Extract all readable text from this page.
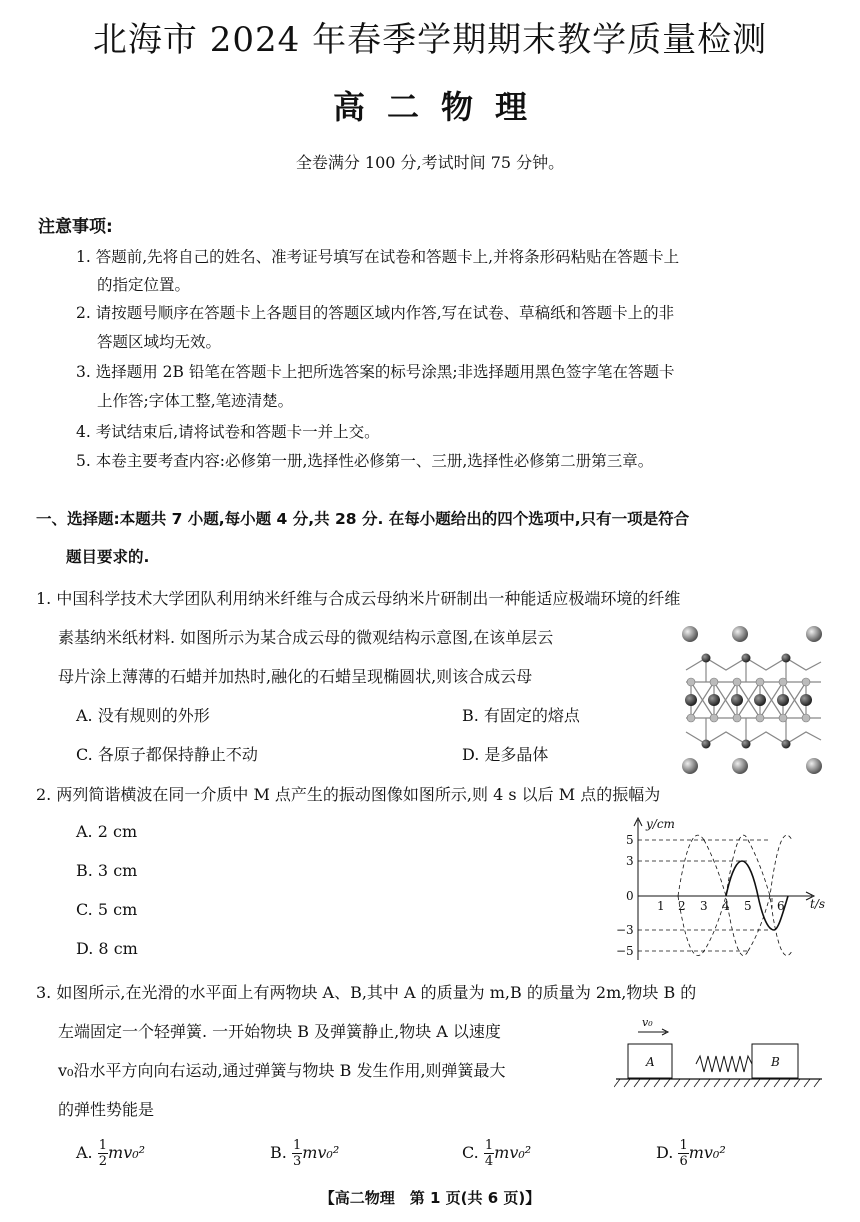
北海市 2024 年春季学期期末教学质量检测
高二物理
全卷满分 100 分,考试时间 75 分钟。
注意事项:
1. 答题前,先将自己的姓名、准考证号填写在试卷和答题卡上,并将条形码粘贴在答题卡上
的指定位置。
2. 请按题号顺序在答题卡上各题目的答题区域内作答,写在试卷、草稿纸和答题卡上的非
答题区域均无效。
3. 选择题用 2B 铅笔在答题卡上把所选答案的标号涂黑;非选择题用黑色签字笔在答题卡
上作答;字体工整,笔迹清楚。
4. 考试结束后,请将试卷和答题卡一并上交。
5. 本卷主要考查内容:必修第一册,选择性必修第一、三册,选择性必修第二册第三章。
一、选择题:本题共 7 小题,每小题 4 分,共 28 分. 在每小题给出的四个选项中,只有一项是符合
题目要求的.
1. 中国科学技术大学团队利用纳米纤维与合成云母纳米片研制出一种能适应极端环境的纤维
素基纳米纸材料. 如图所示为某合成云母的微观结构示意图,在该单层云
母片涂上薄薄的石蜡并加热时,融化的石蜡呈现椭圆状,则该合成云母
A. 没有规则的外形	B. 有固定的熔点
C. 各原子都保持静止不动	D. 是多晶体
2. 两列简谐横波在同一介质中 M 点产生的振动图像如图所示,则 4 s 以后 M 点的振幅为
A. 2 cm
B. 3 cm
C. 5 cm
D. 8 cm
y/cm
t/s
0
1 2 3 4 5 6
5
3
−3
−5
3. 如图所示,在光滑的水平面上有两物块 A、B,其中 A 的质量为 m,B 的质量为 2m,物块 B 的
左端固定一个轻弹簧. 一开始物块 B 及弹簧静止,物块 A 以速度
v₀沿水平方向向右运动,通过弹簧与物块 B 发生作用,则弹簧最大
的弹性势能是
v₀
A	B
A. $\frac{1}{2} mv_0^2$	B. $\frac{1}{3} mv_0^2$	C. $\frac{1}{4} mv_0^2$	D. $\frac{1}{6} mv_0^2$
【高二物理　第 1 页(共 6 页)】
